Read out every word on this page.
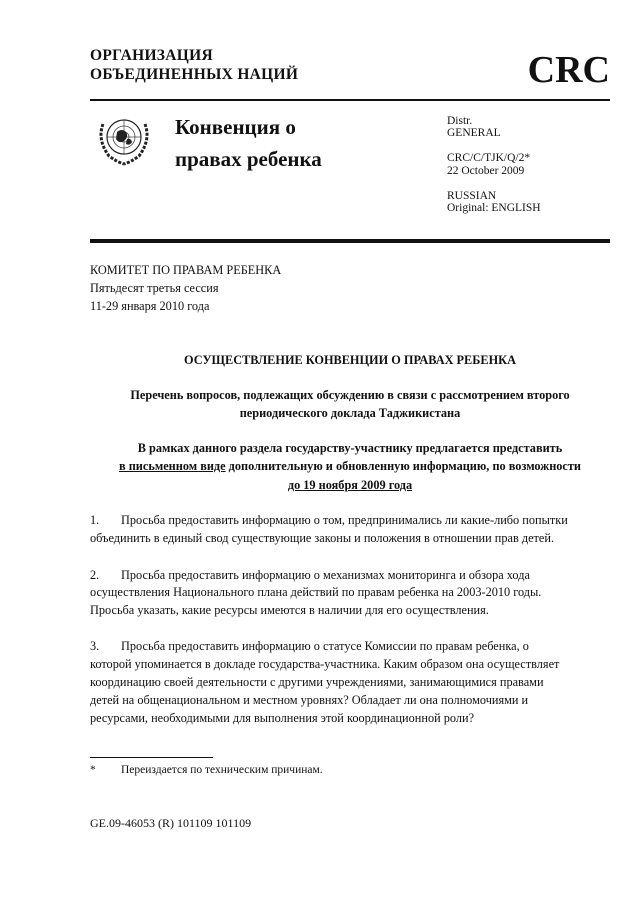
ОРГАНИЗАЦИЯ
ОБЪЕДИНЕННЫХ НАЦИЙ	CRC
Конвенция о
правах ребенка
Distr.
GENERAL
CRC/C/TJK/Q/2*
22 October 2009
RUSSIAN
Original: ENGLISH
КОМИТЕТ ПО ПРАВАМ РЕБЕНКА
Пятьдесят третья сессия
11-29 января 2010 года
ОСУЩЕСТВЛЕНИЕ КОНВЕНЦИИ О ПРАВАХ РЕБЕНКА
Перечень вопросов, подлежащих обсуждению в связи с рассмотрением второго
периодического доклада Таджикистана
В рамках данного раздела государству-участнику предлагается представить
в письменном виде дополнительную и обновленную информацию, по возможности
до 19 ноября 2009 года
1. Просьба предоставить информацию о том, предпринимались ли какие-либо попытки
объединить в единый свод существующие законы и положения в отношении прав детей.
2. Просьба предоставить информацию о механизмах мониторинга и обзора хода
осуществления Национального плана действий по правам ребенка на 2003-2010 годы.
Просьба указать, какие ресурсы имеются в наличии для его осуществления.
3. Просьба предоставить информацию о статусе Комиссии по правам ребенка, о
которой упоминается в докладе государства-участника. Каким образом она осуществляет
координацию своей деятельности с другими учреждениями, занимающимися правами
детей на общенациональном и местном уровнях? Обладает ли она полномочиями и
ресурсами, необходимыми для выполнения этой координационной роли?
* Переиздается по техническим причинам.
GE.09-46053 (R) 101109 101109
